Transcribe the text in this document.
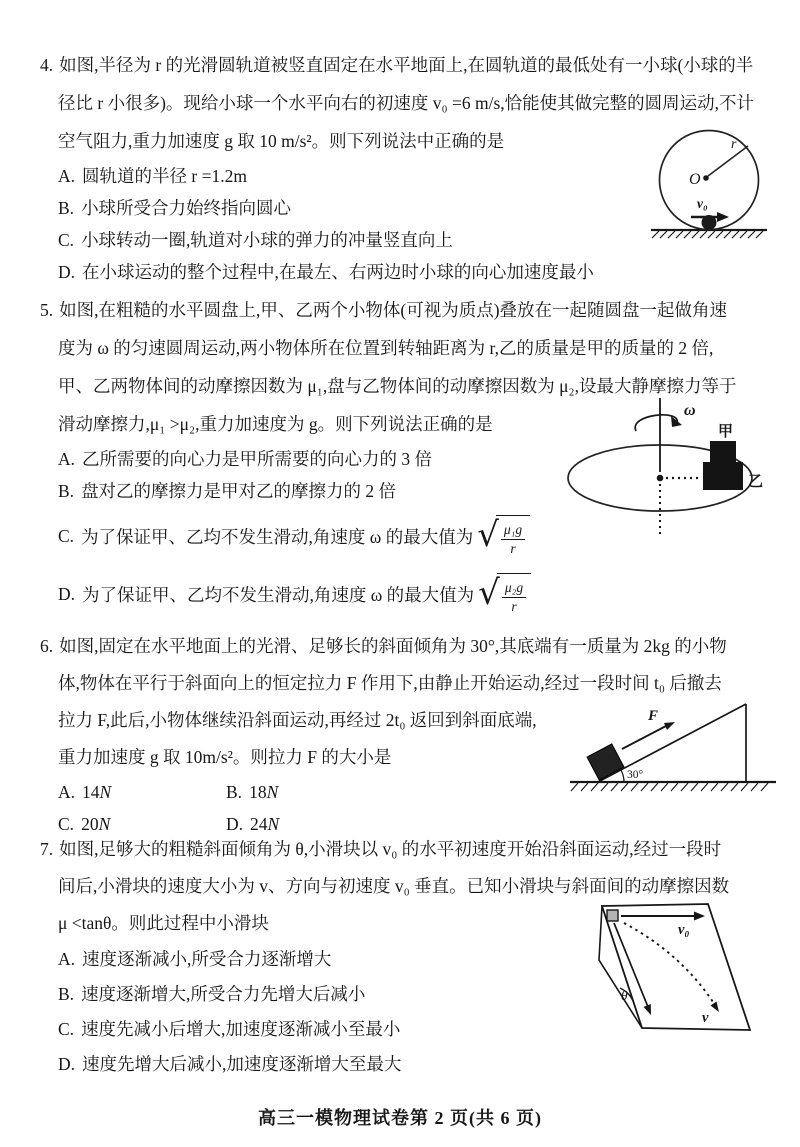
4. 如图,半径为 r 的光滑圆轨道被竖直固定在水平地面上,在圆轨道的最低处有一小球(小球的半
径比 r 小很多)。现给小球一个水平向右的初速度 v₀ =6 m/s,恰能使其做完整的圆周运动,不计
空气阻力,重力加速度 g 取 10 m/s²。则下列说法中正确的是
A. 圆轨道的半径 r =1.2m
B. 小球所受合力始终指向圆心
C. 小球转动一圈,轨道对小球的弹力的冲量竖直向上
D. 在小球运动的整个过程中,在最左、右两边时小球的向心加速度最小
O
r
v₀
5. 如图,在粗糙的水平圆盘上,甲、乙两个小物体(可视为质点)叠放在一起随圆盘一起做角速
度为 ω 的匀速圆周运动,两小物体所在位置到转轴距离为 r,乙的质量是甲的质量的 2 倍,
甲、乙两物体间的动摩擦因数为 μ₁,盘与乙物体间的动摩擦因数为 μ₂,设最大静摩擦力等于
滑动摩擦力,μ₁ >μ₂,重力加速度为 g。则下列说法正确的是
A. 乙所需要的向心力是甲所需要的向心力的 3 倍
B. 盘对乙的摩擦力是甲对乙的摩擦力的 2 倍
C. 为了保证甲、乙均不发生滑动,角速度 ω 的最大值为 √ $\frac{\text{μ₁g}}{r}$
D. 为了保证甲、乙均不发生滑动,角速度 ω 的最大值为 √ $\frac{\text{μ₂g}}{r}$
ω
甲
乙
6. 如图,固定在水平地面上的光滑、足够长的斜面倾角为 30°,其底端有一质量为 2kg 的小物
体,物体在平行于斜面向上的恒定拉力 F 作用下,由静止开始运动,经过一段时间 t₀ 后撤去
拉力 F,此后,小物体继续沿斜面运动,再经过 2t₀ 返回到斜面底端,
重力加速度 g 取 10m/s²。则拉力 F 的大小是
A. 14N	B. 18N
C. 20N	D. 24N
30°
F
7. 如图,足够大的粗糙斜面倾角为 θ,小滑块以 v₀ 的水平初速度开始沿斜面运动,经过一段时
间后,小滑块的速度大小为 v、方向与初速度 v₀ 垂直。已知小滑块与斜面间的动摩擦因数
μ <tanθ。则此过程中小滑块
A. 速度逐渐减小,所受合力逐渐增大
B. 速度逐渐增大,所受合力先增大后减小
C. 速度先减小后增大,加速度逐渐减小至最小
D. 速度先增大后减小,加速度逐渐增大至最大
v₀
θ
v
高三一模物理试卷第 2 页(共 6 页)
